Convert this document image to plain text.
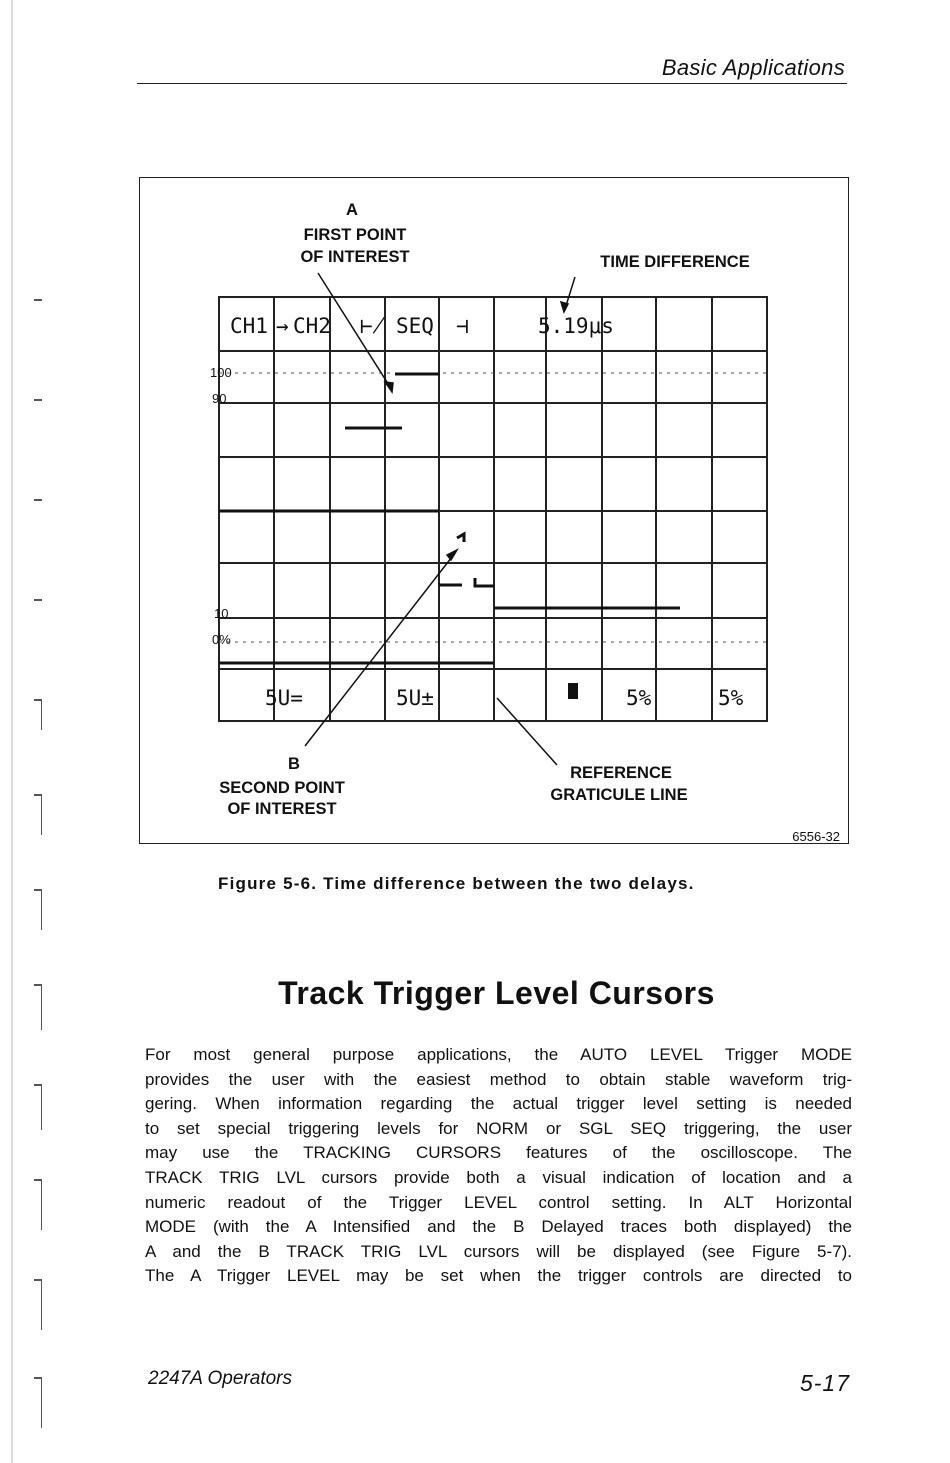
Basic Applications
A
FIRST POINT
OF INTEREST	TIME DIFFERENCE
100
90
10
0%
CH1 → CH2 ⊬ SEQ ⊣	5.19μs
5U=	5U±	5%	5%
B
SECOND POINT
OF INTEREST
REFERENCE
GRATICULE LINE
6556-32
Figure 5-6. Time difference between the two delays.
Track Trigger Level Cursors
For most general purpose applications, the AUTO LEVEL Trigger MODE
provides the user with the easiest method to obtain stable waveform trig-
gering. When information regarding the actual trigger level setting is needed
to set special triggering levels for NORM or SGL SEQ triggering, the user
may use the TRACKING CURSORS features of the oscilloscope. The
TRACK TRIG LVL cursors provide both a visual indication of location and a
numeric readout of the Trigger LEVEL control setting. In ALT Horizontal
MODE (with the A Intensified and the B Delayed traces both displayed) the
A and the B TRACK TRIG LVL cursors will be displayed (see Figure 5-7).
The A Trigger LEVEL may be set when the trigger controls are directed to
2247A Operators	5-17
